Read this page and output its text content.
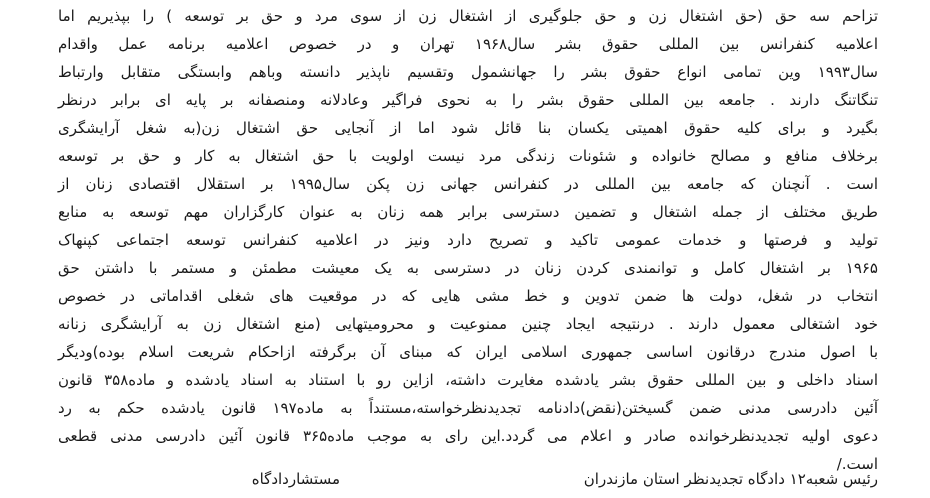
تزاحم سه حق (حق اشتغال زن و حق جلوگیری از اشتغال زن از سوی مرد و حق بر توسعه ) را بپذیریم اما
اعلامیه کنفرانس بین المللی حقوق بشر سال۱۹۶۸ تهران و در خصوص اعلامیه برنامه عمل واقدام
سال۱۹۹۳ وین تمامی انواع حقوق بشر را جهانشمول وتقسیم ناپذیر دانسته وباهم وابستگی متقابل وارتباط
تنگاتنگ دارند . جامعه بین المللی حقوق بشر را به نحوی فراگیر وعادلانه ومنصفانه بر پایه ای برابر درنظر
بگیرد و برای کلیه حقوق اهمیتی یکسان بنا قائل شود اما از آنجایی حق اشتغال زن(به شغل آرایشگری
برخلاف منافع و مصالح خانواده و شئونات زندگی مرد نیست اولویت با حق اشتغال به کار و حق بر توسعه
است . آنچنان که جامعه بین المللی در کنفرانس جهانی زن پکن سال۱۹۹۵ بر استقلال اقتصادی زنان از
طریق مختلف از جمله اشتغال و تضمین دسترسی برابر همه زنان به عنوان کارگزاران مهم توسعه به منابع
تولید و فرصتها و خدمات عمومی تاکید و تصریح دارد ونیز در اعلامیه کنفرانس توسعه اجتماعی کپنهاک
۱۹۶۵ بر اشتغال کامل و توانمندی کردن زنان در دسترسی به یک معیشت مطمئن و مستمر با داشتن حق
انتخاب در شغل، دولت ها ضمن تدوین و خط مشی هایی که در موقعیت های شغلی اقداماتی در خصوص
خود اشتغالی معمول دارند . درنتیجه ایجاد چنین ممنوعیت و محرومیتهایی (منع اشتغال زن به آرایشگری زنانه
با اصول مندرج درقانون اساسی جمهوری اسلامی ایران که مبنای آن برگرفته ازاحکام شریعت اسلام بوده)ودیگر
اسناد داخلی و بین المللی حقوق بشر یادشده مغایرت داشته، ازاین رو با استناد به اسناد یادشده و ماده۳۵۸ قانون
آئین دادرسی مدنی ضمن گسیختن(نقض)دادنامه تجدیدنظرخواسته،مستنداً به ماده۱۹۷ قانون یادشده حکم به رد
دعوی اولیه تجدیدنظرخوانده صادر و اعلام می گردد.این رای به موجب ماده۳۶۵ قانون آئین دادرسی مدنی قطعی
است./
رئیس شعبه۱۲ دادگاه تجدیدنظر استان مازندران
مستشاردادگاه
